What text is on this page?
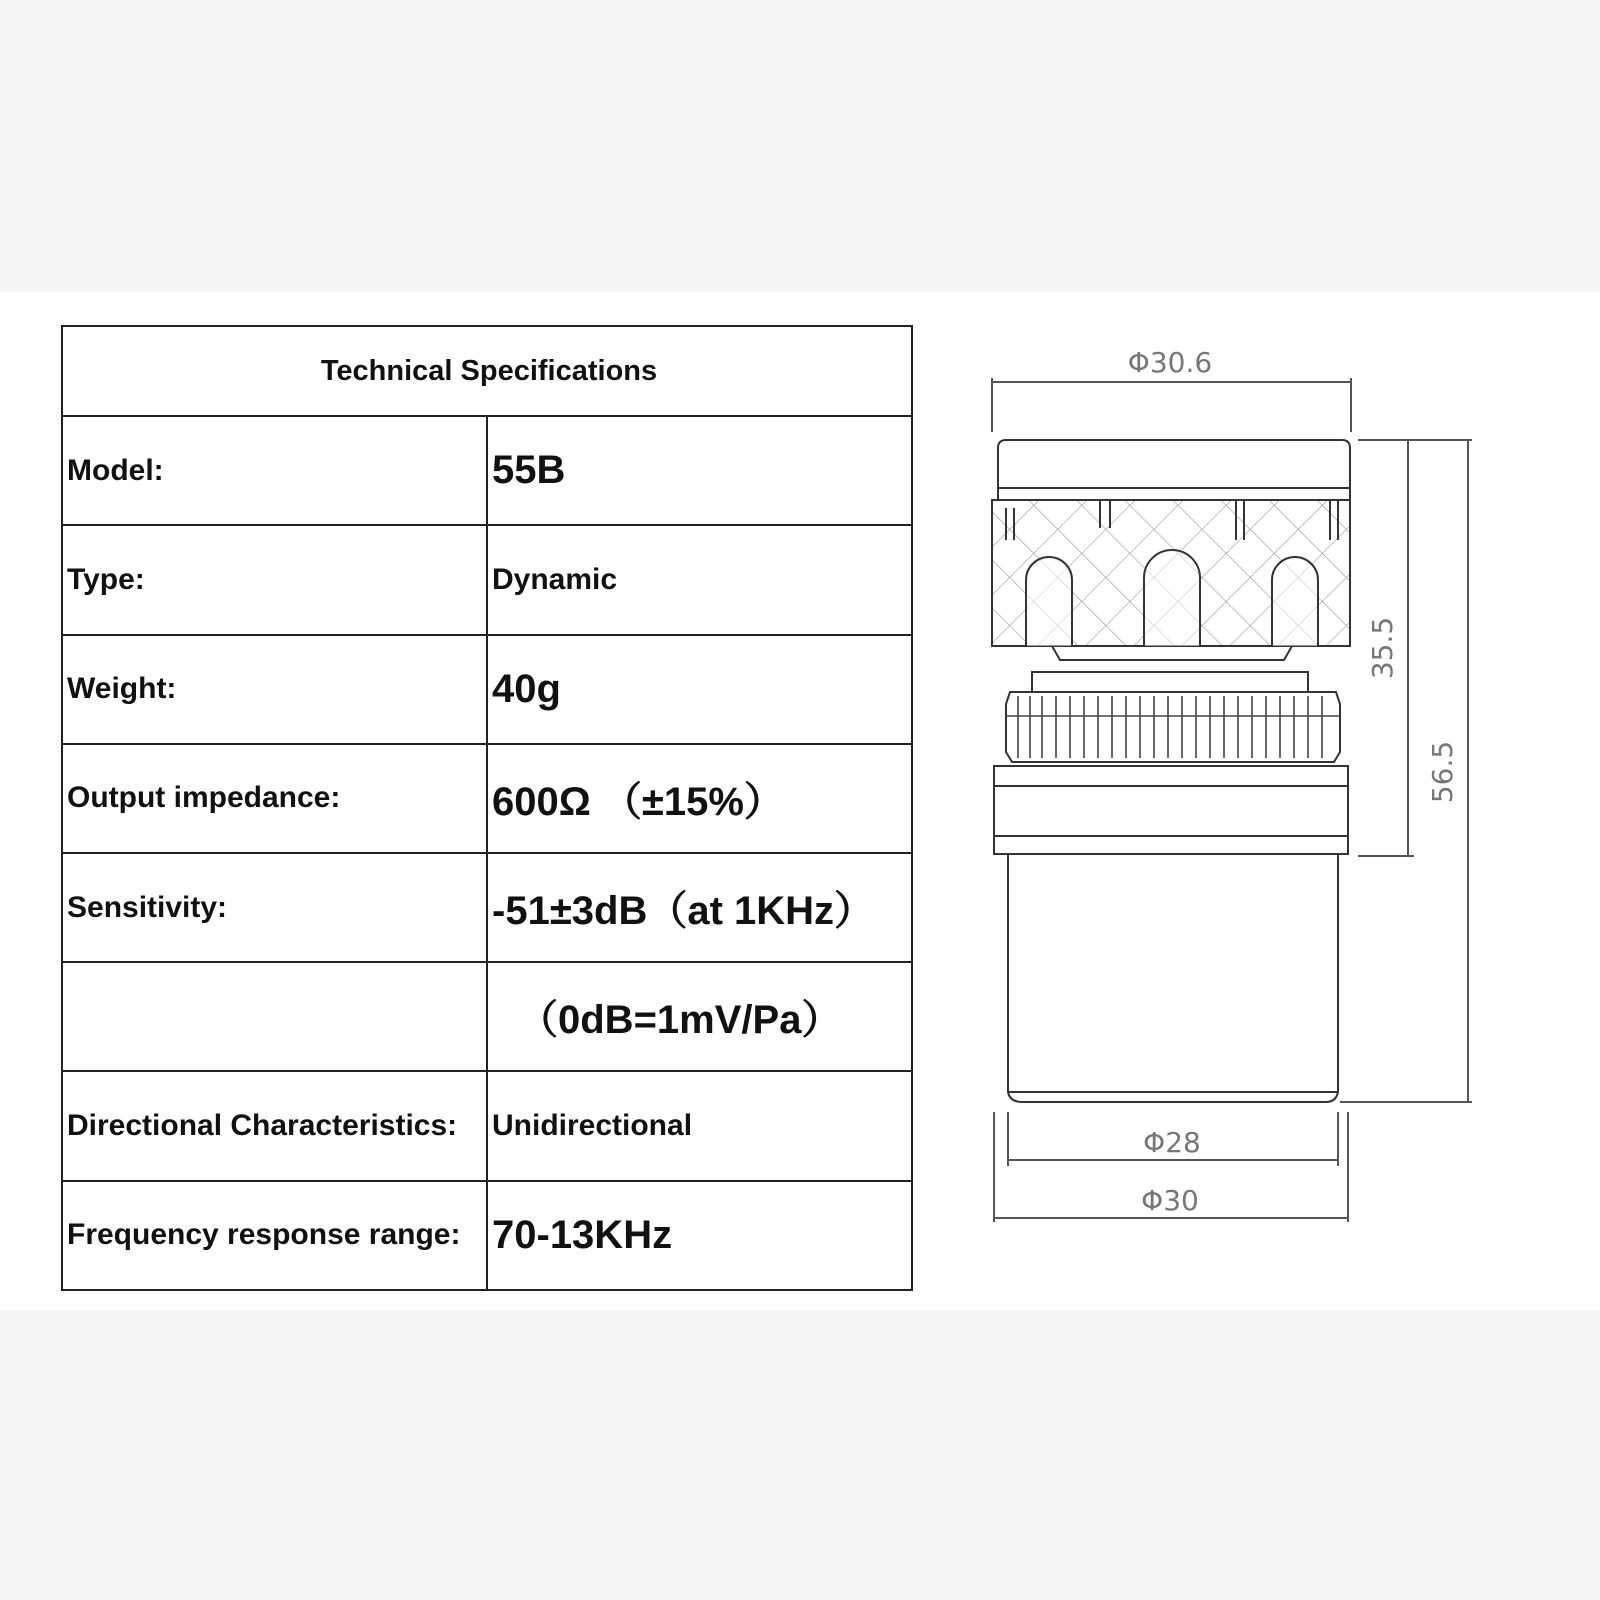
Technical Specifications	
Model:	55B
Type:	Dynamic
Weight:	40g
Output impedance:	600Ω （±15%）
Sensitivity:	-51±3dB（at 1KHz）
	（0dB=1mV/Pa）
Directional Characteristics:	Unidirectional
Frequency response range:	70-13KHz
Φ30.6
35.5
56.5
Φ28
Φ30
